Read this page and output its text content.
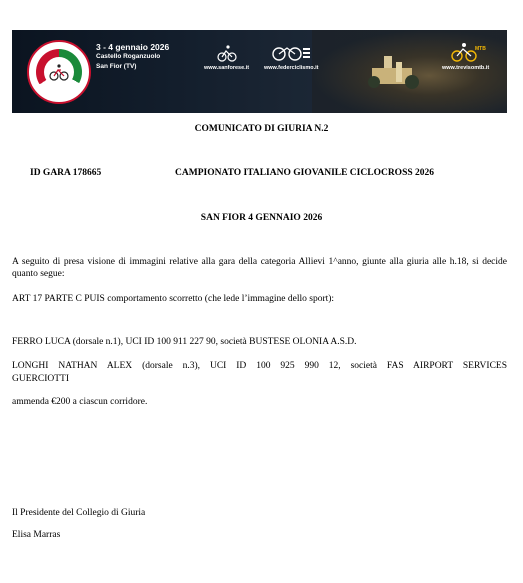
3 - 4 gennaio 2026
Castello Roganzuolo
San Fior (TV)	www.sanforese.it	www.federciclismo.it
MTB
www.trevisomtb.it
COMUNICATO DI GIURIA N.2
ID GARA 178665	CAMPIONATO ITALIANO GIOVANILE CICLOCROSS 2026
SAN FIOR 4 GENNAIO 2026
A seguito di presa visione di immagini relative alla gara della categoria Allievi 1^anno, giunte alla giuria alle h.18, si decide quanto segue:
ART 17 PARTE C PUIS comportamento scorretto (che lede l’immagine dello sport):
FERRO LUCA (dorsale n.1), UCI ID 100 911 227 90, società BUSTESE OLONIA A.S.D.
LONGHI NATHAN ALEX (dorsale n.3), UCI ID 100 925 990 12, società FAS AIRPORT SERVICES
GUERCIOTTI
ammenda €200 a ciascun corridore.
Il Presidente del Collegio di Giuria
Elisa Marras
